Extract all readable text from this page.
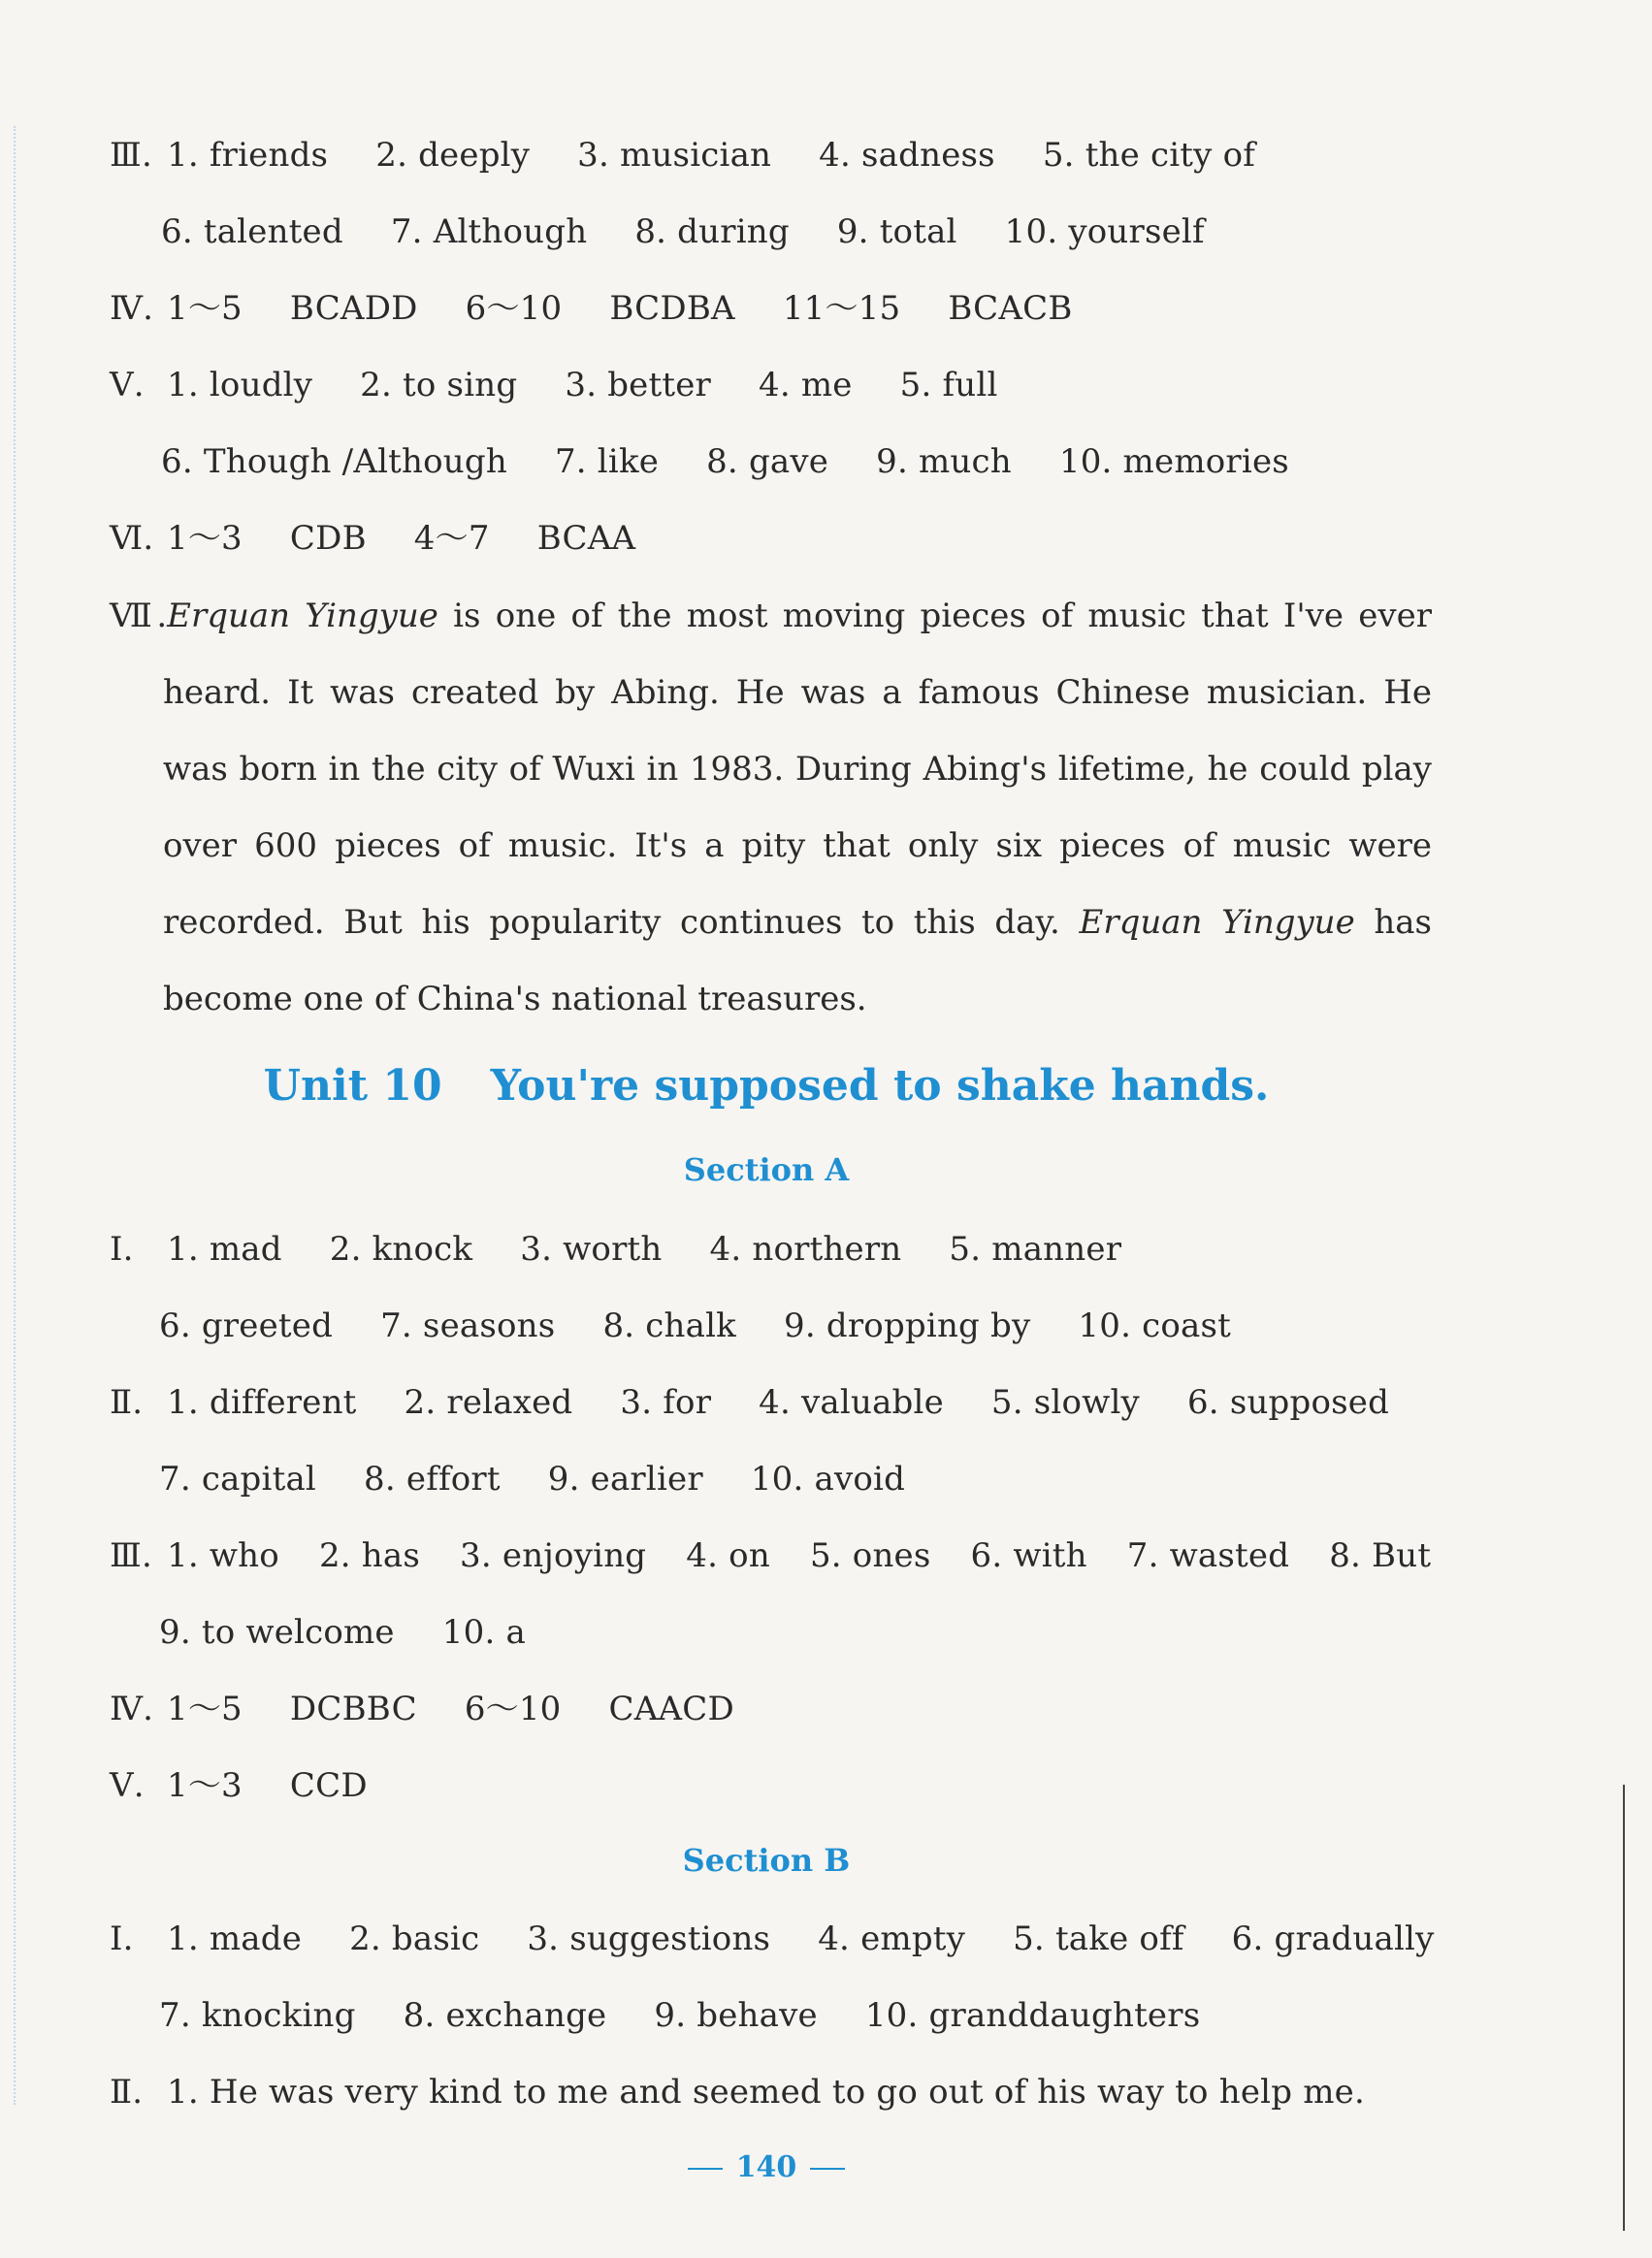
Ⅲ. 1. friends 2. deeply 3. musician 4. sadness 5. the city of
6. talented 7. Although 8. during 9. total 10. yourself
Ⅳ. 1～5 BCADD 6～10 BCDBA 11～15 BCACB
Ⅴ. 1. loudly 2. to sing 3. better 4. me 5. full
6. Though /Although 7. like 8. gave 9. much 10. memories
Ⅵ. 1～3 CDB 4～7 BCAA
Ⅶ.Erquan Yingyue is one of the most moving pieces of music that I've ever heard. It was created by Abing. He was a famous Chinese musician. He was born in the city of Wuxi in 1983. During Abing's lifetime, he could play over 600 pieces of music. It's a pity that only six pieces of music were recorded. But his popularity continues to this day. Erquan Yingyue has become one of China's national treasures.
Unit 10 You're supposed to shake hands.
Section A
Ⅰ. 1. mad 2. knock 3. worth 4. northern 5. manner
6. greeted 7. seasons 8. chalk 9. dropping by 10. coast
Ⅱ. 1. different 2. relaxed 3. for 4. valuable 5. slowly 6. supposed
7. capital 8. effort 9. earlier 10. avoid
Ⅲ. 1. who 2. has 3. enjoying 4. on 5. ones 6. with 7. wasted 8. But
9. to welcome 10. a
Ⅳ. 1～5 DCBBC 6～10 CAACD
Ⅴ. 1～3 CCD
Section B
Ⅰ. 1. made 2. basic 3. suggestions 4. empty 5. take off 6. gradually
7. knocking 8. exchange 9. behave 10. granddaughters
Ⅱ. 1. He was very kind to me and seemed to go out of his way to help me.
140
